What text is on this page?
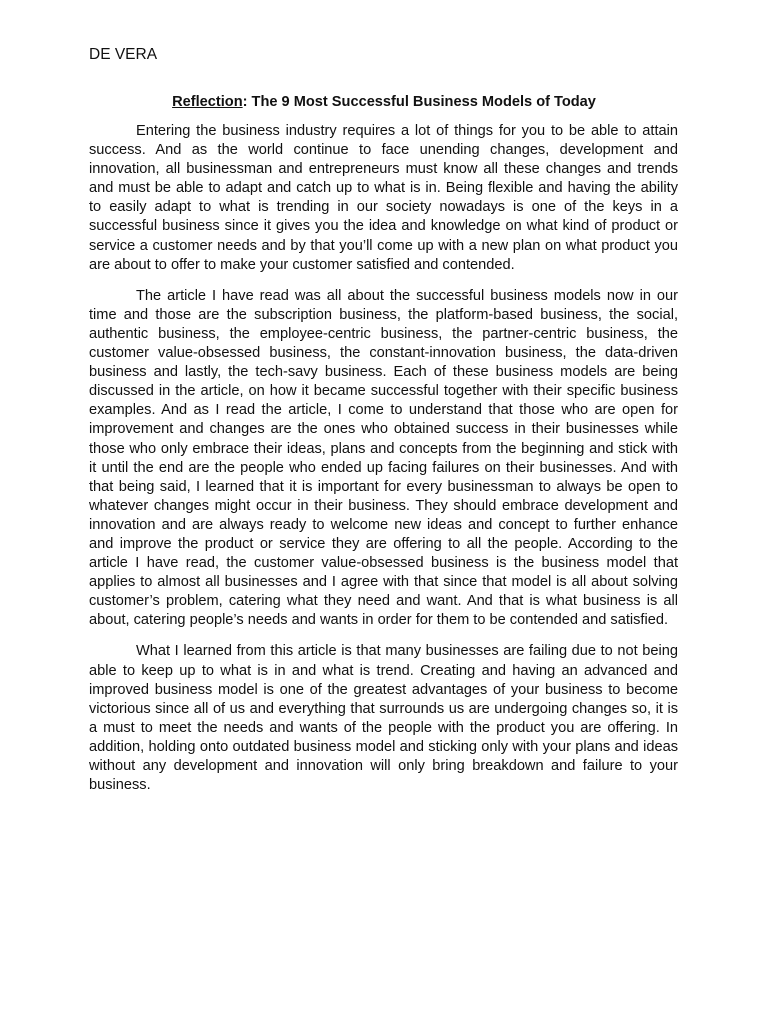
DE VERA
Reflection: The 9 Most Successful Business Models of Today

Entering the business industry requires a lot of things for you to be able to attain success. And as the world continue to face unending changes, development and innovation, all businessman and entrepreneurs must know all these changes and trends and must be able to adapt and catch up to what is in. Being flexible and having the ability to easily adapt to what is trending in our society nowadays is one of the keys in a successful business since it gives you the idea and knowledge on what kind of product or service a customer needs and by that you’ll come up with a new plan on what product you are about to offer to make your customer satisfied and contended.

The article I have read was all about the successful business models now in our time and those are the subscription business, the platform-based business, the social, authentic business, the employee-centric business, the partner-centric business, the customer value-obsessed business, the constant-innovation business, the data-driven business and lastly, the tech-savy business. Each of these business models are being discussed in the article, on how it became successful together with their specific business examples. And as I read the article, I come to understand that those who are open for improvement and changes are the ones who obtained success in their businesses while those who only embrace their ideas, plans and concepts from the beginning and stick with it until the end are the people who ended up facing failures on their businesses. And with that being said, I learned that it is important for every businessman to always be open to whatever changes might occur in their business. They should embrace development and innovation and are always ready to welcome new ideas and concept to further enhance and improve the product or service they are offering to all the people. According to the article I have read, the customer value-obsessed business is the business model that applies to almost all businesses and I agree with that since that model is all about solving customer’s problem, catering what they need and want. And that is what business is all about, catering people’s needs and wants in order for them to be contended and satisfied.

What I learned from this article is that many businesses are failing due to not being able to keep up to what is in and what is trend. Creating and having an advanced and improved business model is one of the greatest advantages of your business to become victorious since all of us and everything that surrounds us are undergoing changes so, it is a must to meet the needs and wants of the people with the product you are offering. In addition, holding onto outdated business model and sticking only with your plans and ideas without any development and innovation will only bring breakdown and failure to your business.
